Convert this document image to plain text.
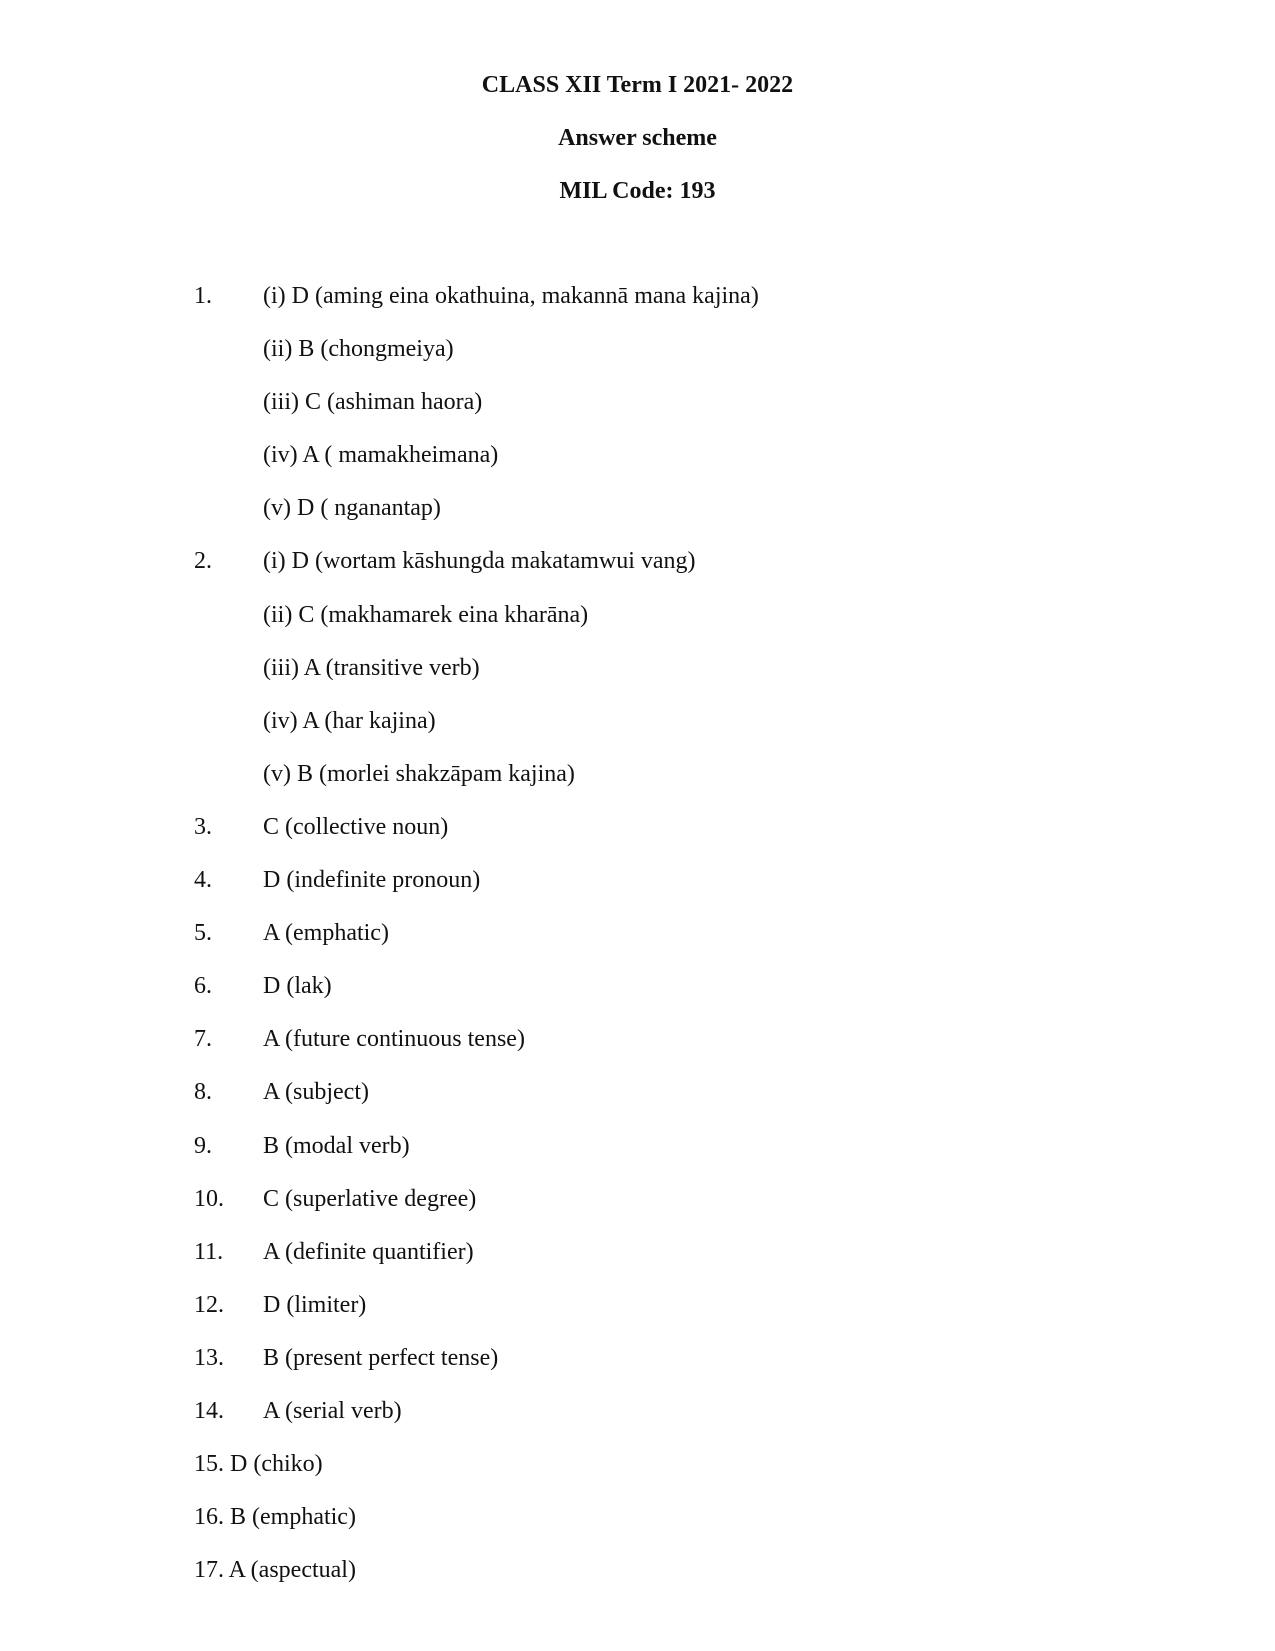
CLASS XII Term I 2021- 2022
Answer scheme
MIL Code: 193
1. (i) D (aming eina okathuina, makannā mana kajina)
(ii) B (chongmeiya)
(iii) C (ashiman haora)
(iv) A ( mamakheimana)
(v) D ( nganantap)
2. (i) D (wortam kāshungda makatamwui vang)
(ii) C (makhamarek eina kharāna)
(iii) A (transitive verb)
(iv) A (har kajina)
(v) B (morlei shakzāpam kajina)
3. C (collective noun)
4. D (indefinite pronoun)
5. A (emphatic)
6. D (lak)
7. A (future continuous tense)
8. A (subject)
9. B (modal verb)
10. C (superlative degree)
11. A (definite quantifier)
12. D (limiter)
13. B (present perfect tense)
14. A (serial verb)
15. D (chiko)
16. B (emphatic)
17. A (aspectual)
